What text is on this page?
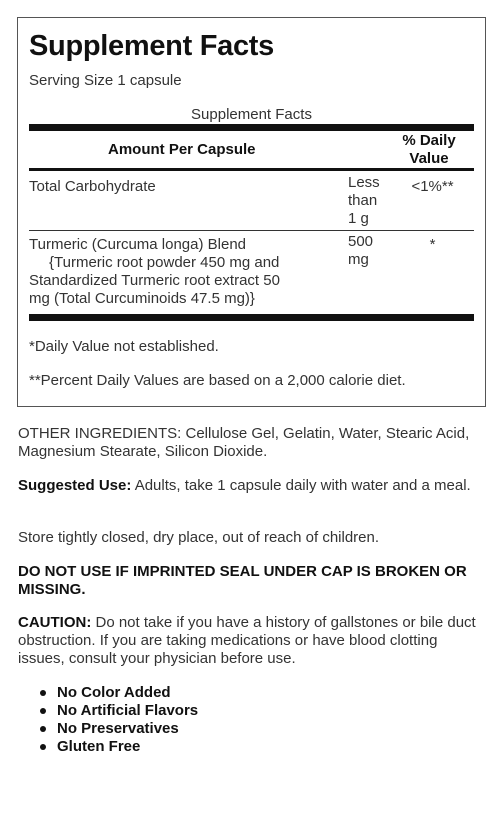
Supplement Facts
Serving Size 1 capsule
Supplement Facts
Amount Per Capsule
% Daily
Value
Total Carbohydrate	Less
than
1 g
<1%**
Turmeric (Curcuma longa) Blend
{Turmeric root powder 450 mg and
Standardized Turmeric root extract 50
mg (Total Curcuminoids 47.5 mg)}
500
mg
*
*Daily Value not established.
**Percent Daily Values are based on a 2,000 calorie diet.

OTHER INGREDIENTS: Cellulose Gel, Gelatin, Water, Stearic Acid, Magnesium Stearate, Silicon Dioxide.

Suggested Use: Adults, take 1 capsule daily with water and a meal.

Store tightly closed, dry place, out of reach of children.

DO NOT USE IF IMPRINTED SEAL UNDER CAP IS BROKEN OR MISSING.

CAUTION: Do not take if you have a history of gallstones or bile duct obstruction. If you are taking medications or have blood clotting issues, consult your physician before use.

No Color Added
No Artificial Flavors
No Preservatives
Gluten Free
